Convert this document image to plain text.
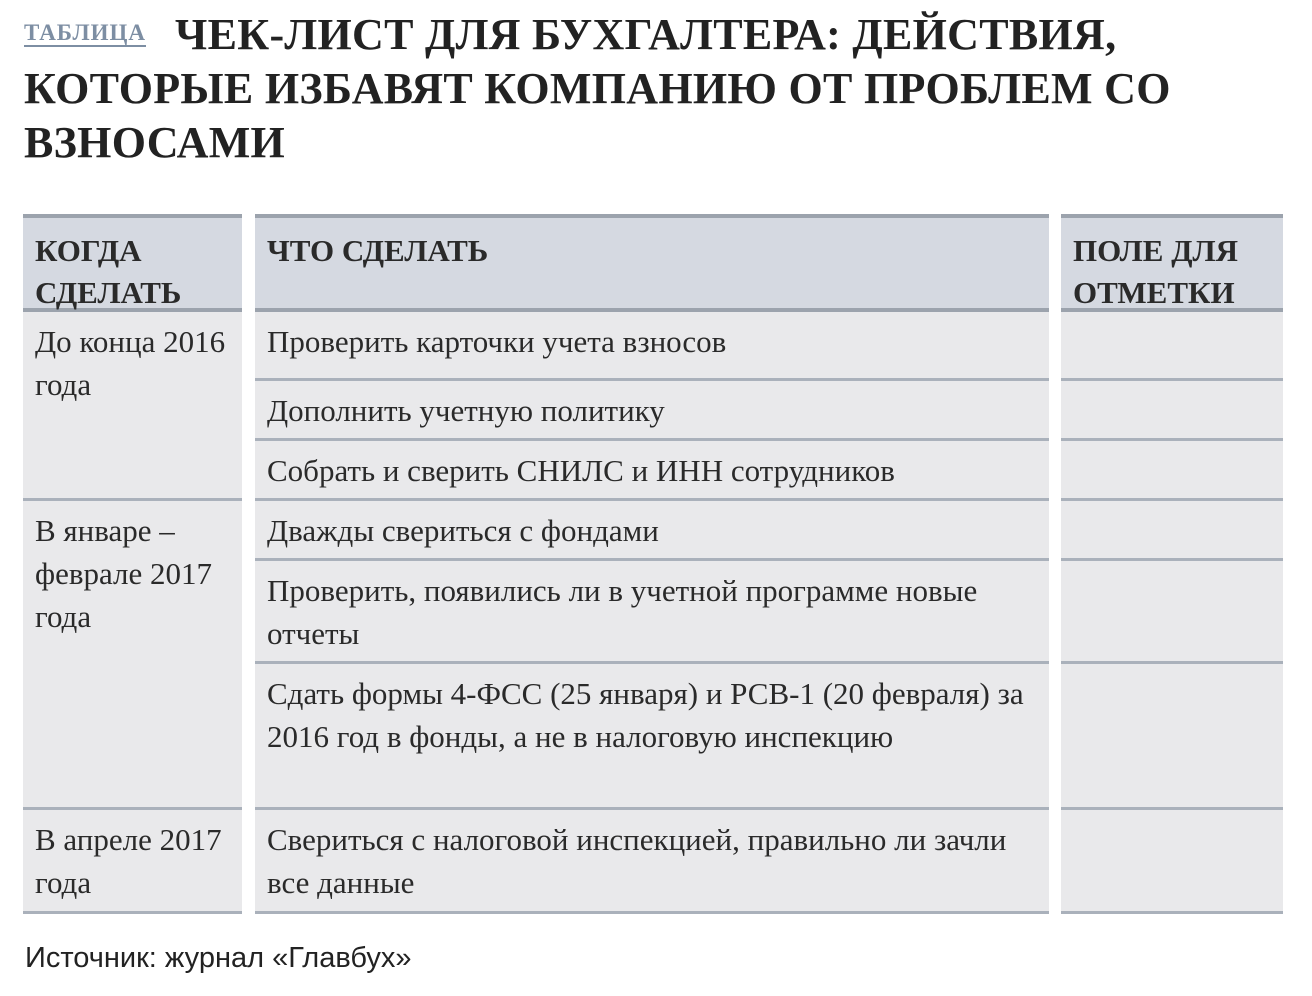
ТАБЛИЦА ЧЕК-ЛИСТ ДЛЯ БУХГАЛТЕРА: ДЕЙСТВИЯ, КОТОРЫЕ ИЗБАВЯТ КОМПАНИЮ ОТ ПРОБЛЕМ СО ВЗНОСАМИ
КОГДА СДЕЛАТЬ
До конца 2016 года
В январе – феврале 2017 года
В апреле 2017 года
ЧТО СДЕЛАТЬ
Проверить карточки учета взносов
Дополнить учетную политику
Собрать и сверить СНИЛС и ИНН сотрудников
Дважды свериться с фондами
Проверить, появились ли в учетной программе новые отчеты
Сдать формы 4-ФСС (25 января) и РСВ-1 (20 февраля) за 2016 год в фонды, а не в налоговую инспекцию
Свериться с налоговой инспекцией, правильно ли зачли все данные
ПОЛЕ ДЛЯ ОТМЕТКИ
Источник: журнал «Главбух»
